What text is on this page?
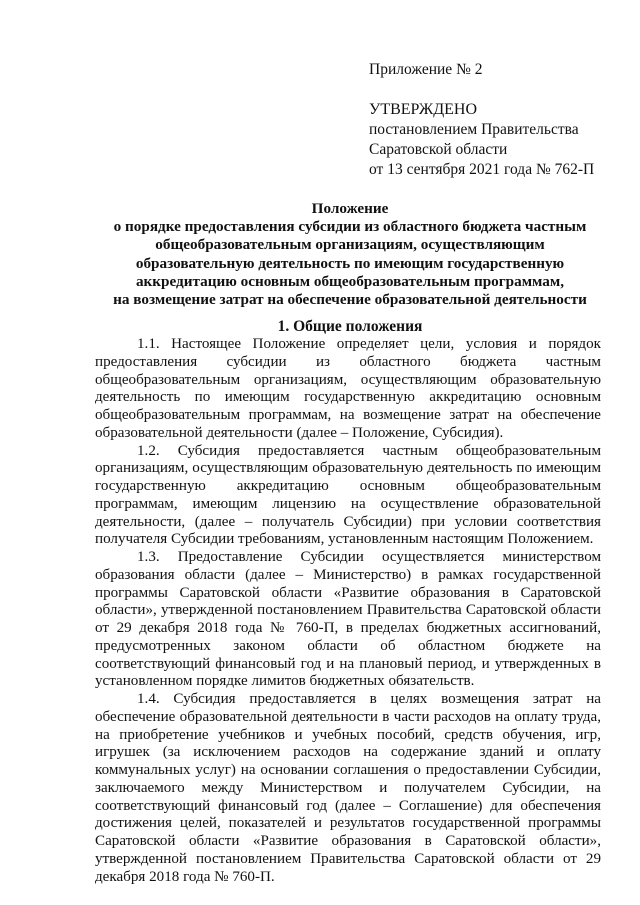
Приложение № 2
УТВЕРЖДЕНО
постановлением Правительства
Саратовской области
от 13 сентября 2021 года № 762-П
Положение
о порядке предоставления субсидии из областного бюджета частным
общеобразовательным организациям, осуществляющим
образовательную деятельность по имеющим государственную
аккредитацию основным общеобразовательным программам,
на возмещение затрат на обеспечение образовательной деятельности
1. Общие положения

1.1. Настоящее Положение определяет цели, условия и порядок предоставления субсидии из областного бюджета частным общеобразовательным организациям, осуществляющим образовательную деятельность по имеющим государственную аккредитацию основным общеобразовательным программам, на возмещение затрат на обеспечение образовательной деятельности (далее – Положение, Субсидия).

1.2. Субсидия предоставляется частным общеобразовательным организациям, осуществляющим образовательную деятельность по имеющим государственную аккредитацию основным общеобразовательным программам, имеющим лицензию на осуществление образовательной деятельности, (далее – получатель Субсидии) при условии соответствия получателя Субсидии требованиям, установленным настоящим Положением.

1.3. Предоставление Субсидии осуществляется министерством образования области (далее – Министерство) в рамках государственной программы Саратовской области «Развитие образования в Саратовской области», утвержденной постановлением Правительства Саратовской области от 29 декабря 2018 года № 760-П, в пределах бюджетных ассигнований, предусмотренных законом области об областном бюджете на соответствующий финансовый год и на плановый период, и утвержденных в установленном порядке лимитов бюджетных обязательств.

1.4. Субсидия предоставляется в целях возмещения затрат на обеспечение образовательной деятельности в части расходов на оплату труда, на приобретение учебников и учебных пособий, средств обучения, игр, игрушек (за исключением расходов на содержание зданий и оплату коммунальных услуг) на основании соглашения о предоставлении Субсидии, заключаемого между Министерством и получателем Субсидии, на соответствующий финансовый год (далее – Соглашение) для обеспечения достижения целей, показателей и результатов государственной программы Саратовской области «Развитие образования в Саратовской области», утвержденной постановлением Правительства Саратовской области от 29 декабря 2018 года № 760-П.
